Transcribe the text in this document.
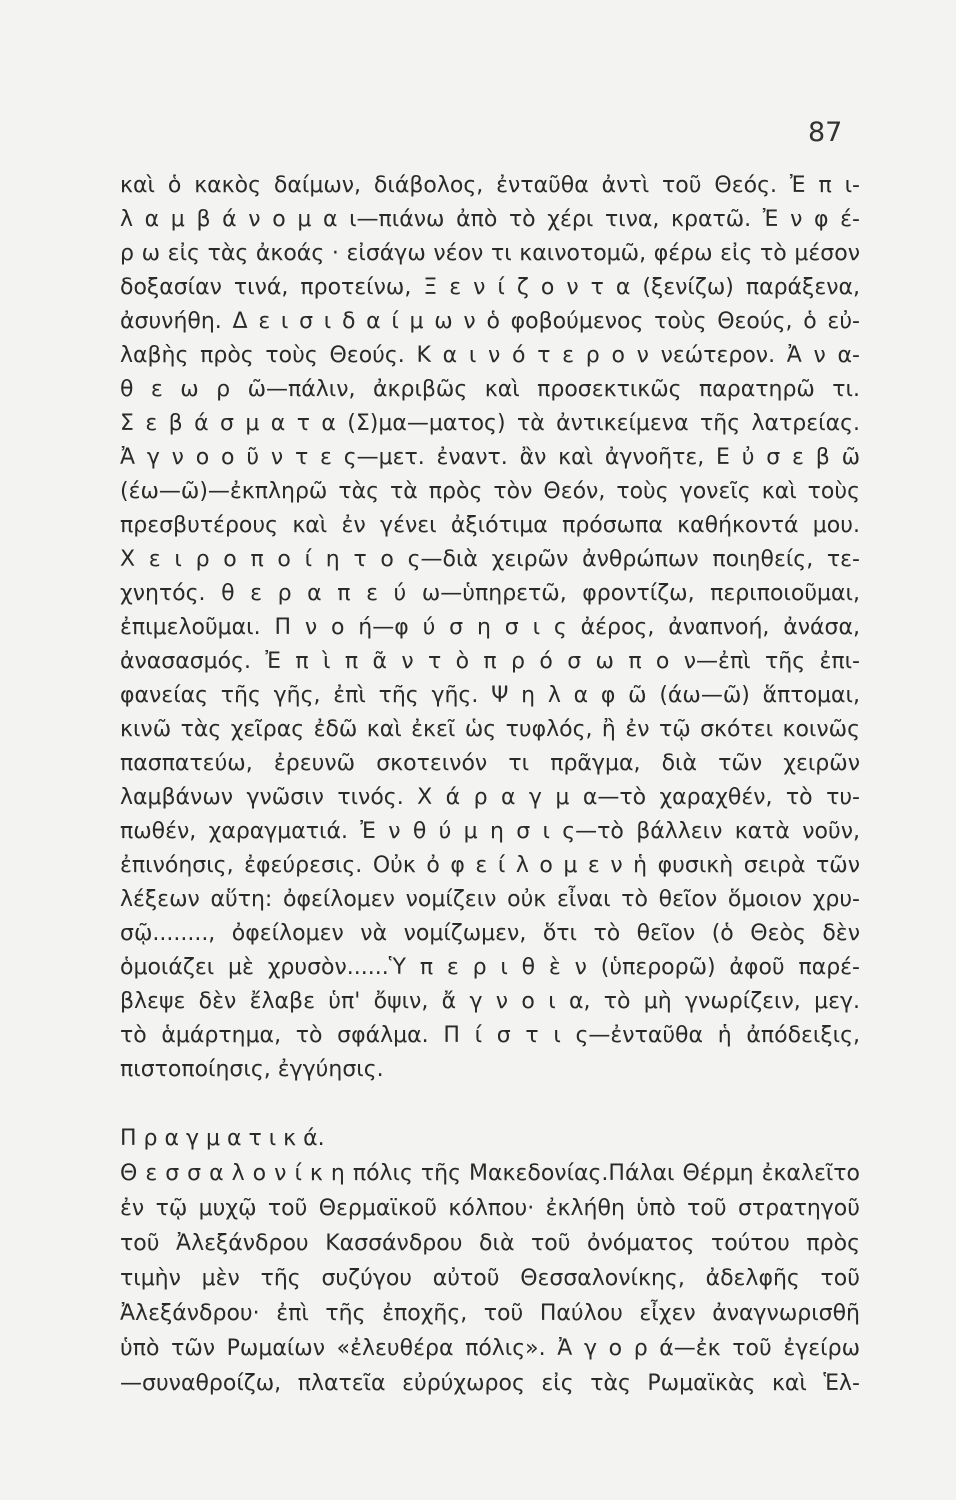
87
καὶ ὁ κακὸς δαίμων, διάβολος, ἐνταῦθα ἀντὶ τοῦ Θεός. Ἐ π ι-
λ α μ β ά ν ο μ α ι—πιάνω ἀπὸ τὸ χέρι τινα, κρατῶ. Ἐ ν φ έ-
ρ ω εἰς τὰς ἀκοάς · εἰσάγω νέον τι καινοτομῶ, φέρω εἰς τὸ μέσον
δοξασίαν τινά, προτείνω, Ξ ε ν ί ζ ο ν τ α (ξενίζω) παράξενα,
ἀσυνήθη. Δ ε ι σ ι δ α ί μ ω ν ὁ φοβούμενος τοὺς Θεούς, ὁ εὐ-
λαβὴς πρὸς τοὺς Θεούς. Κ α ι ν ό τ ε ρ ο ν νεώτερον. Ἀ ν α-
θ ε ω ρ ῶ—πάλιν, ἀκριβῶς καὶ προσεκτικῶς παρατηρῶ τι.
Σ ε β ά σ μ α τ α (Σ)μα—ματος) τὰ ἀντικείμενα τῆς λατρείας.
Ἀ γ ν ο ο ῦ ν τ ε ς—μετ. ἐναντ. ἂν καὶ ἀγνοῆτε, Ε ὐ σ ε β ῶ
(έω—ῶ)—ἐκπληρῶ τὰς τὰ πρὸς τὸν Θεόν, τοὺς γονεῖς καὶ τοὺς
πρεσβυτέρους καὶ ἐν γένει ἀξιότιμα πρόσωπα καθήκοντά μου.
Χ ε ι ρ ο π ο ί η τ ο ς—διὰ χειρῶν ἀνθρώπων ποιηθείς, τε-
χνητός. θ ε ρ α π ε ύ ω—ὑπηρετῶ, φροντίζω, περιποιοῦμαι,
ἐπιμελοῦμαι. Π ν ο ή—φ ύ σ η σ ι ς ἀέρος, ἀναπνοή, ἀνάσα,
ἀνασασμός. Ἐ π ὶ π ᾶ ν τ ὸ π ρ ό σ ω π ο ν—ἐπὶ τῆς ἐπι-
φανείας τῆς γῆς, ἐπὶ τῆς γῆς. Ψ η λ α φ ῶ (άω—ῶ) ἅπτομαι,
κινῶ τὰς χεῖρας ἐδῶ καὶ ἐκεῖ ὡς τυφλός, ἢ ἐν τῷ σκότει κοινῶς
πασπατεύω, ἐρευνῶ σκοτεινόν τι πρᾶγμα, διὰ τῶν χειρῶν
λαμβάνων γνῶσιν τινός. Χ ά ρ α γ μ α—τὸ χαραχθέν, τὸ τυ-
πωθέν, χαραγματιά. Ἐ ν θ ύ μ η σ ι ς—τὸ βάλλειν κατὰ νοῦν,
ἐπινόησις, ἐφεύρεσις. Οὐκ ὀ φ ε ί λ ο μ ε ν ἡ φυσικὴ σειρὰ τῶν
λέξεων αὕτη: ὀφείλομεν νομίζειν οὐκ εἶναι τὸ θεῖον ὅμοιον χρυ-
σῷ........, ὀφείλομεν νὰ νομίζωμεν, ὅτι τὸ θεῖον (ὁ Θεὸς δὲν
ὁμοιάζει μὲ χρυσὸν......Ὑ π ε ρ ι θ ὲ ν (ὑπερορῶ) ἀφοῦ παρέ-
βλεψε δὲν ἔλαβε ὑπ' ὄψιν, ἄ γ ν ο ι α, τὸ μὴ γνωρίζειν, μεγ.
τὸ ἁμάρτημα, τὸ σφάλμα. Π ί σ τ ι ς—ἐνταῦθα ἡ ἀπόδειξις,
πιστοποίησις, ἐγγύησις.
Π ρ α γ μ α τ ι κ ά.
Θ ε σ σ α λ ο ν ί κ η πόλις τῆς Μακεδονίας.Πάλαι Θέρμη ἐκαλεῖτο
ἐν τῷ μυχῷ τοῦ Θερμαϊκοῦ κόλπου· ἐκλήθη ὑπὸ τοῦ στρατηγοῦ
τοῦ Ἀλεξάνδρου Κασσάνδρου διὰ τοῦ ὀνόματος τούτου πρὸς
τιμὴν μὲν τῆς συζύγου αὐτοῦ Θεσσαλονίκης, ἀδελφῆς τοῦ
Ἀλεξάνδρου· ἐπὶ τῆς ἐποχῆς, τοῦ Παύλου εἶχεν ἀναγνωρισθῆ
ὑπὸ τῶν Ρωμαίων «ἐλευθέρα πόλις». Ἀ γ ο ρ ά—ἐκ τοῦ ἐγείρω
—συναθροίζω, πλατεῖα εὐρύχωρος εἰς τὰς Ρωμαϊκὰς καὶ Ἑλ-
